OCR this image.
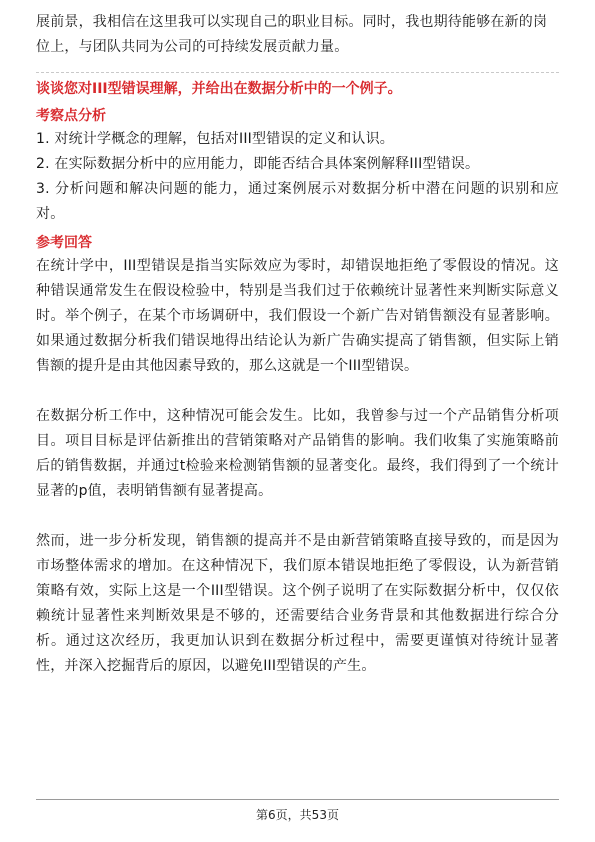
展前景，我相信在这里我可以实现自己的职业目标。同时，我也期待能够在新的岗

位上，与团队共同为公司的可持续发展贡献力量。

谈谈您对III型错误理解，并给出在数据分析中的一个例子。

考察点分析

1. 对统计学概念的理解，包括对III型错误的定义和认识。

2. 在实际数据分析中的应用能力，即能否结合具体案例解释III型错误。

3. 分析问题和解决问题的能力，通过案例展示对数据分析中潜在问题的识别和应对。

参考回答

在统计学中，III型错误是指当实际效应为零时，却错误地拒绝了零假设的情况。这种错误通常发生在假设检验中，特别是当我们过于依赖统计显著性来判断实际意义时。举个例子，在某个市场调研中，我们假设一个新广告对销售额没有显著影响。如果通过数据分析我们错误地得出结论认为新广告确实提高了销售额，但实际上销售额的提升是由其他因素导致的，那么这就是一个III型错误。

在数据分析工作中，这种情况可能会发生。比如，我曾参与过一个产品销售分析项目。项目目标是评估新推出的营销策略对产品销售的影响。我们收集了实施策略前后的销售数据，并通过t检验来检测销售额的显著变化。最终，我们得到了一个统计显著的p值，表明销售额有显著提高。

然而，进一步分析发现，销售额的提高并不是由新营销策略直接导致的，而是因为市场整体需求的增加。在这种情况下，我们原本错误地拒绝了零假设，认为新营销策略有效，实际上这是一个III型错误。这个例子说明了在实际数据分析中，仅仅依赖统计显著性来判断效果是不够的，还需要结合业务背景和其他数据进行综合分析。通过这次经历，我更加认识到在数据分析过程中，需要更谨慎对待统计显著性，并深入挖掘背后的原因，以避免III型错误的产生。

第6页，共53页
